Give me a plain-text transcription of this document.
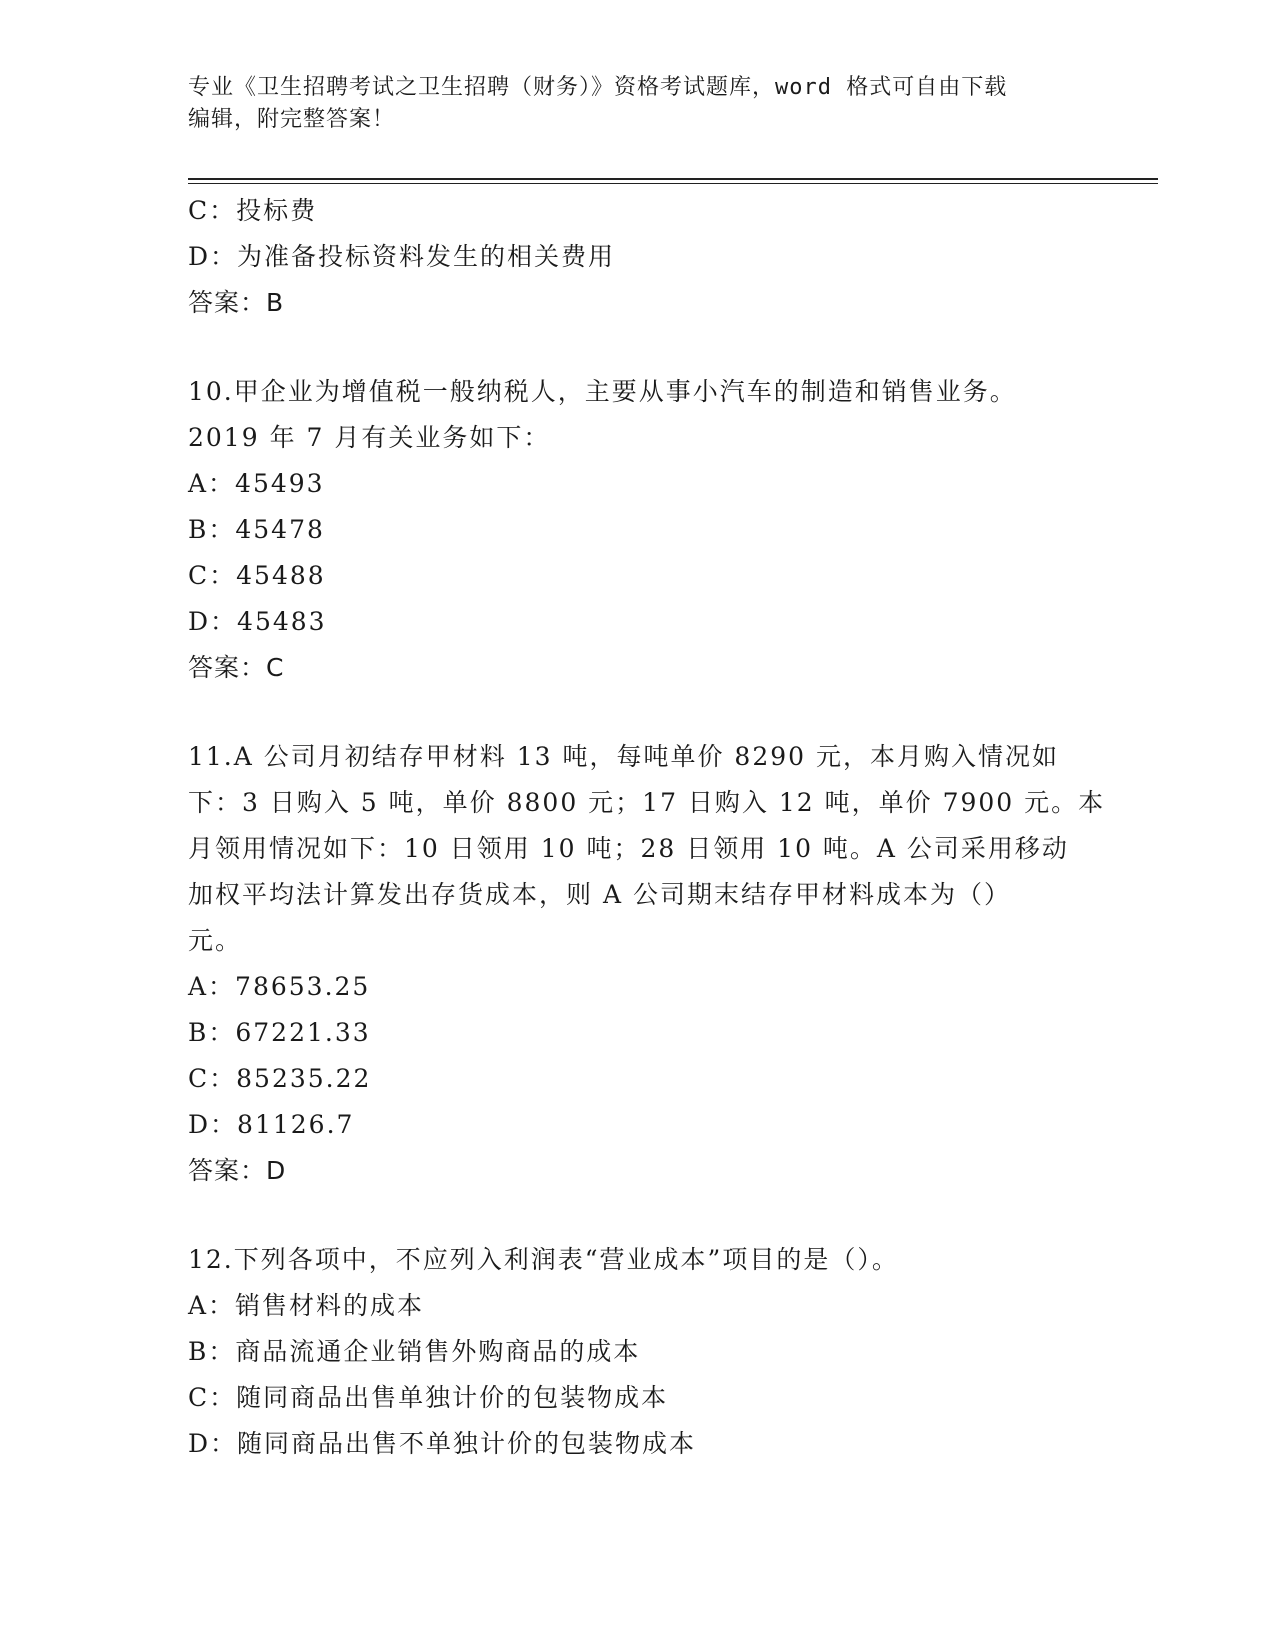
专业《卫生招聘考试之卫生招聘（财务）》资格考试题库，word 格式可自由下载
编辑，附完整答案！
C：投标费
D：为准备投标资料发生的相关费用
答案：B
10.甲企业为增值税一般纳税人，主要从事小汽车的制造和销售业务。
2019 年 7 月有关业务如下：
A：45493
B：45478
C：45488
D：45483
答案：C
11.A 公司月初结存甲材料 13 吨，每吨单价 8290 元，本月购入情况如
下：3 日购入 5 吨，单价 8800 元；17 日购入 12 吨，单价 7900 元。本
月领用情况如下：10 日领用 10 吨；28 日领用 10 吨。A 公司采用移动
加权平均法计算发出存货成本，则 A 公司期末结存甲材料成本为（）
元。
A：78653.25
B：67221.33
C：85235.22
D：81126.7
答案：D
12.下列各项中，不应列入利润表“营业成本”项目的是（）。
A：销售材料的成本
B：商品流通企业销售外购商品的成本
C：随同商品出售单独计价的包装物成本
D：随同商品出售不单独计价的包装物成本
